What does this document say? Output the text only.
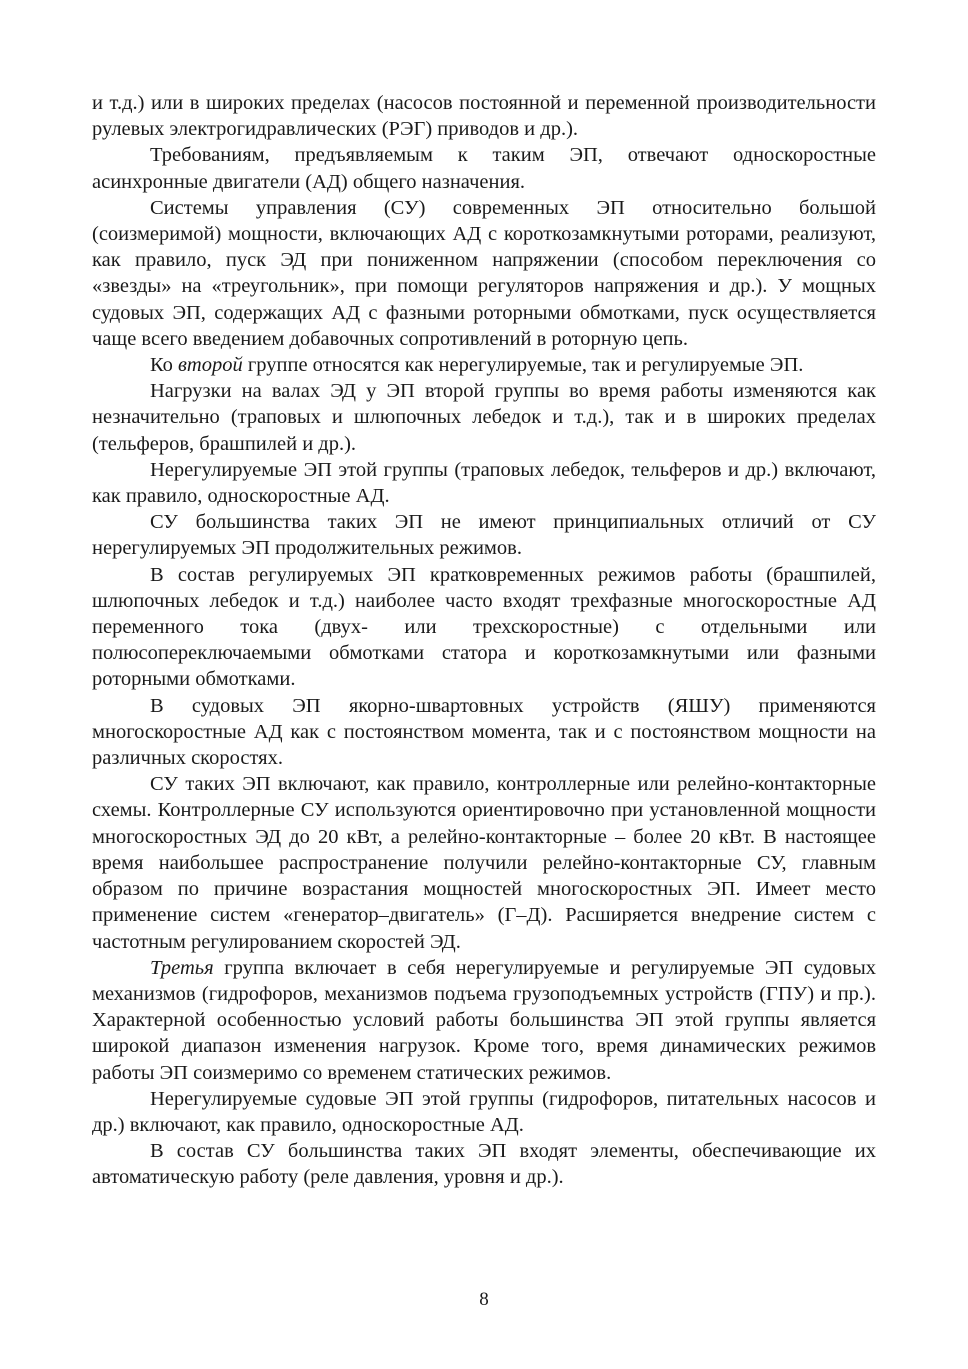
и т.д.) или в широких пределах (насосов постоянной и переменной производительности рулевых электрогидравлических (РЭГ) приводов и др.).

Требованиям, предъявляемым к таким ЭП, отвечают односкоростные асинхронные двигатели (АД) общего назначения.

Системы управления (СУ) современных ЭП относительно большой (соизмеримой) мощности, включающих АД с короткозамкнутыми роторами, реализуют, как правило, пуск ЭД при пониженном напряжении (способом переключения со «звезды» на «треугольник», при помощи регуляторов напряжения и др.). У мощных судовых ЭП, содержащих АД с фазными роторными обмотками, пуск осуществляется чаще всего введением добавочных сопротивлений в роторную цепь.

Ко второй группе относятся как нерегулируемые, так и регулируемые ЭП.

Нагрузки на валах ЭД у ЭП второй группы во время работы изменяются как незначительно (траповых и шлюпочных лебедок и т.д.), так и в широких пределах (тельферов, брашпилей и др.).

Нерегулируемые ЭП этой группы (траповых лебедок, тельферов и др.) включают, как правило, односкоростные АД.

СУ большинства таких ЭП не имеют принципиальных отличий от СУ нерегулируемых ЭП продолжительных режимов.

В состав регулируемых ЭП кратковременных режимов работы (брашпилей, шлюпочных лебедок и т.д.) наиболее часто входят трехфазные многоскоростные АД переменного тока (двух- или трехскоростные) с отдельными или полюсопереключаемыми обмотками статора и короткозамкнутыми или фазными роторными обмотками.

В судовых ЭП якорно-швартовных устройств (ЯШУ) применяются многоскоростные АД как с постоянством момента, так и с постоянством мощности на различных скоростях.

СУ таких ЭП включают, как правило, контроллерные или релейно-контакторные схемы. Контроллерные СУ используются ориентировочно при установленной мощности многоскоростных ЭД до 20 кВт, а релейно-контакторные – более 20 кВт. В настоящее время наибольшее распространение получили релейно-контакторные СУ, главным образом по причине возрастания мощностей многоскоростных ЭП. Имеет место применение систем «генератор–двигатель» (Г–Д). Расширяется внедрение систем с частотным регулированием скоростей ЭД.

Третья группа включает в себя нерегулируемые и регулируемые ЭП судовых механизмов (гидрофоров, механизмов подъема грузоподъемных устройств (ГПУ) и пр.). Характерной особенностью условий работы большинства ЭП этой группы является широкой диапазон изменения нагрузок. Кроме того, время динамических режимов работы ЭП соизмеримо со временем статических режимов.

Нерегулируемые судовые ЭП этой группы (гидрофоров, питательных насосов и др.) включают, как правило, односкоростные АД.

В состав СУ большинства таких ЭП входят элементы, обеспечивающие их автоматическую работу (реле давления, уровня и др.).

8
